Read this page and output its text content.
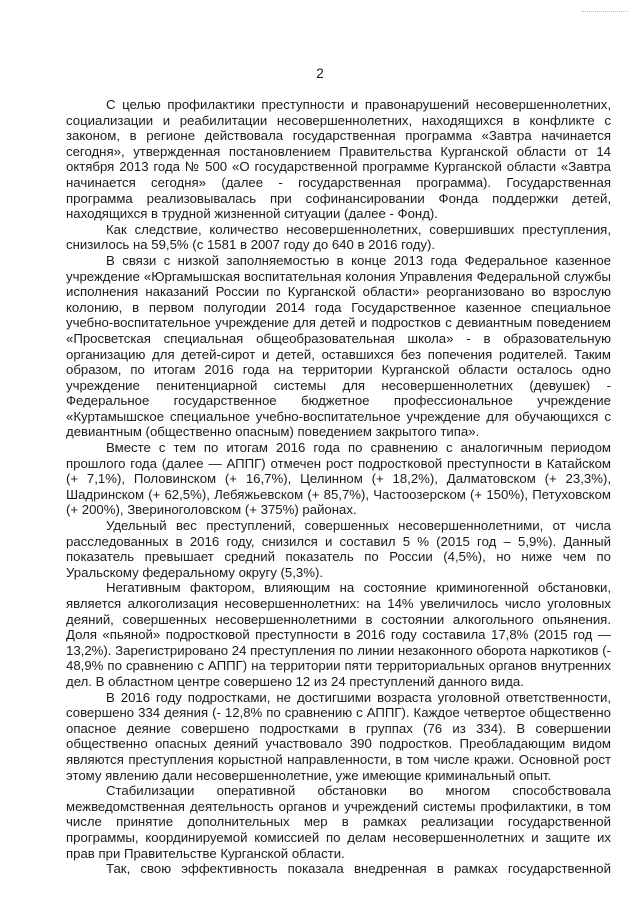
2

С целью профилактики преступности и правонарушений несовершеннолетних, социализации и реабилитации несовершеннолетних, находящихся в конфликте с законом, в регионе действовала государственная программа «Завтра начинается сегодня», утвержденная постановлением Правительства Курганской области от 14 октября 2013 года № 500 «О государственной программе Курганской области «Завтра начинается сегодня» (далее - государственная программа). Государственная программа реализовывалась при софинансировании Фонда поддержки детей, находящихся в трудной жизненной ситуации (далее - Фонд).

Как следствие, количество несовершеннолетних, совершивших преступления, снизилось на 59,5% (с 1581 в 2007 году до 640 в 2016 году).

В связи с низкой заполняемостью в конце 2013 года Федеральное казенное учреждение «Юргамышская воспитательная колония Управления Федеральной службы исполнения наказаний России по Курганской области» реорганизовано во взрослую колонию, в первом полугодии 2014 года Государственное казенное специальное учебно-воспитательное учреждение для детей и подростков с девиантным поведением «Просветская специальная общеобразовательная школа» - в образовательную организацию для детей-сирот и детей, оставшихся без попечения родителей. Таким образом, по итогам 2016 года на территории Курганской области осталось одно учреждение пенитенциарной системы для несовершеннолетних (девушек) - Федеральное государственное бюджетное профессиональное учреждение «Куртамышское специальное учебно-воспитательное учреждение для обучающихся с девиантным (общественно опасным) поведением закрытого типа».

Вместе с тем по итогам 2016 года по сравнению с аналогичным периодом прошлого года (далее — АППГ) отмечен рост подростковой преступности в Катайском (+ 7,1%), Половинском (+ 16,7%), Целинном (+ 18,2%), Далматовском (+ 23,3%), Шадринском (+ 62,5%), Лебяжьевском (+ 85,7%), Частоозерском (+ 150%), Петуховском (+ 200%), Звериноголовском (+ 375%) районах.

Удельный вес преступлений, совершенных несовершеннолетними, от числа расследованных в 2016 году, снизился и составил 5 % (2015 год – 5,9%). Данный показатель превышает средний показатель по России (4,5%), но ниже чем по Уральскому федеральному округу (5,3%).

Негативным фактором, влияющим на состояние криминогенной обстановки, является алкоголизация несовершеннолетних: на 14% увеличилось число уголовных деяний, совершенных несовершеннолетними в состоянии алкогольного опьянения. Доля «пьяной» подростковой преступности в 2016 году составила 17,8% (2015 год — 13,2%). Зарегистрировано 24 преступления по линии незаконного оборота наркотиков (- 48,9% по сравнению с АППГ) на территории пяти территориальных органов внутренних дел. В областном центре совершено 12 из 24 преступлений данного вида.

В 2016 году подростками, не достигшими возраста уголовной ответственности, совершено 334 деяния (- 12,8% по сравнению с АППГ). Каждое четвертое общественно опасное деяние совершено подростками в группах (76 из 334). В совершении общественно опасных деяний участвовало 390 подростков. Преобладающим видом являются преступления корыстной направленности, в том числе кражи. Основной рост этому явлению дали несовершеннолетние, уже имеющие криминальный опыт.

Стабилизации оперативной обстановки во многом способствовала межведомственная деятельность органов и учреждений системы профилактики, в том числе принятие дополнительных мер в рамках реализации государственной программы, координируемой комиссией по делам несовершеннолетних и защите их прав при Правительстве Курганской области.

Так, свою эффективность показала внедренная в рамках государственной
